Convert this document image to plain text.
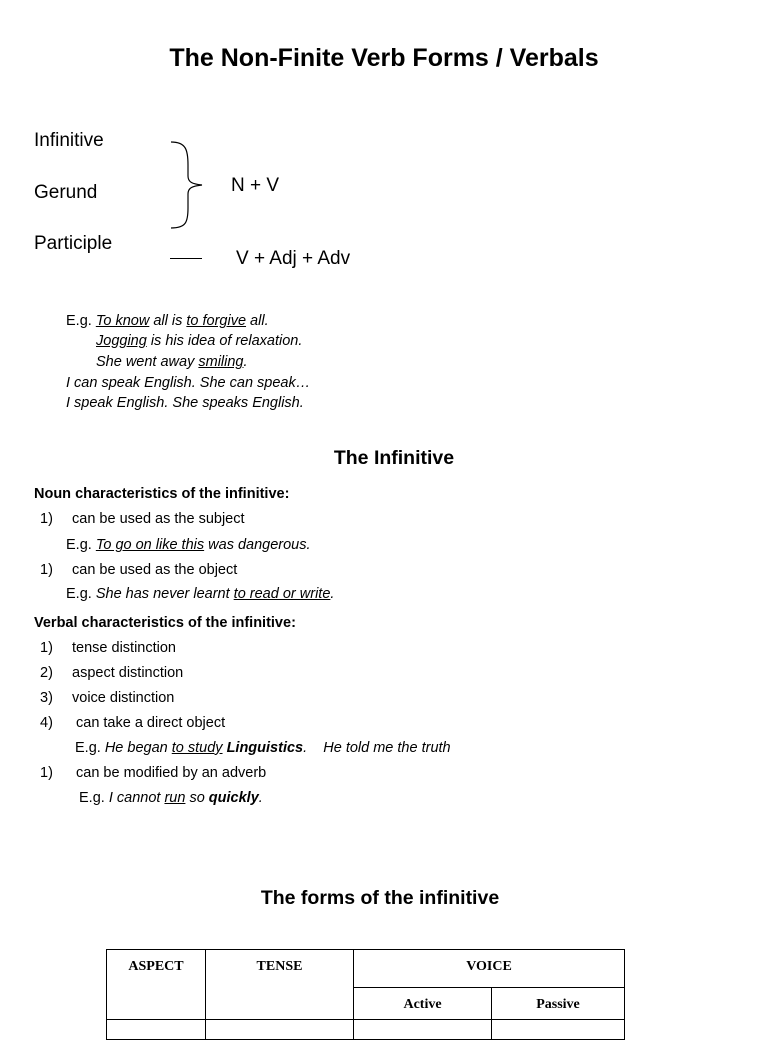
The Non-Finite Verb Forms / Verbals
Infinitive
Gerund
Participle
N + V
V + Adj + Adv
E.g. To know all is to forgive all.
Jogging is his idea of relaxation.
She went away smiling.
I can speak English. She can speak…
I speak English. She speaks English.
The Infinitive
Noun characteristics of the infinitive:
1) can be used as the subject
E.g. To go on like this was dangerous.
1) can be used as the object
E.g. She has never learnt to read or write.
Verbal characteristics of the infinitive:
1) tense distinction
2) aspect distinction
3) voice distinction
4) can take a direct object
E.g. He began to study Linguistics.    He told me the truth
1) can be modified by an adverb
E.g. I cannot run so quickly.
The forms of the infinitive
ASPECT	TENSE	VOICE	

		Active	Passive
